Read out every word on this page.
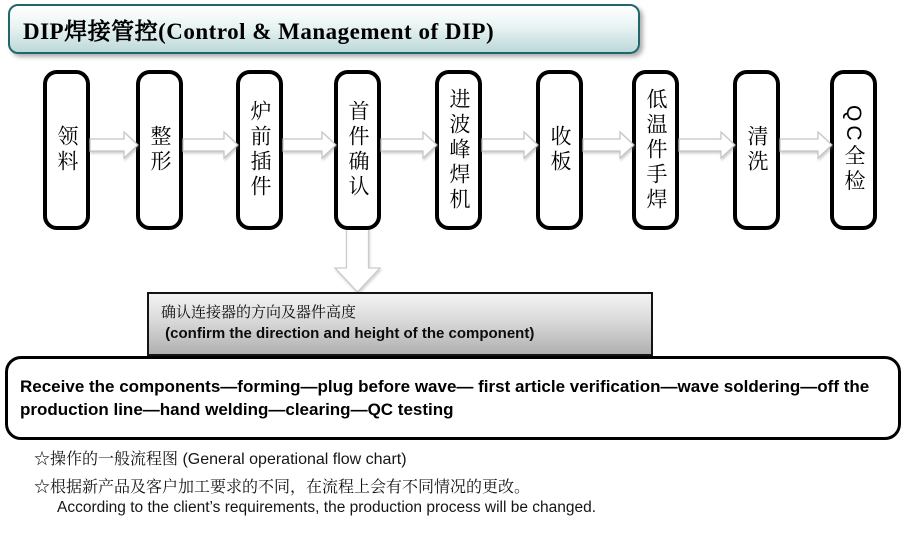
DIP焊接管控(Control & Management of DIP)
领料	整形	炉前插件	首件确认	进波峰焊机	收板	低温件手焊	清洗	QC全检
确认连接器的方向及器件高度
(confirm the direction and height of the component)

Receive the components—forming—plug before wave— first article verification—wave soldering—off the production line—hand welding—clearing—QC testing

☆操作的一般流程图 (General operational flow chart)
☆根据新产品及客户加工要求的不同，在流程上会有不同情况的更改。
According to the client’s requirements, the production process will be changed.
